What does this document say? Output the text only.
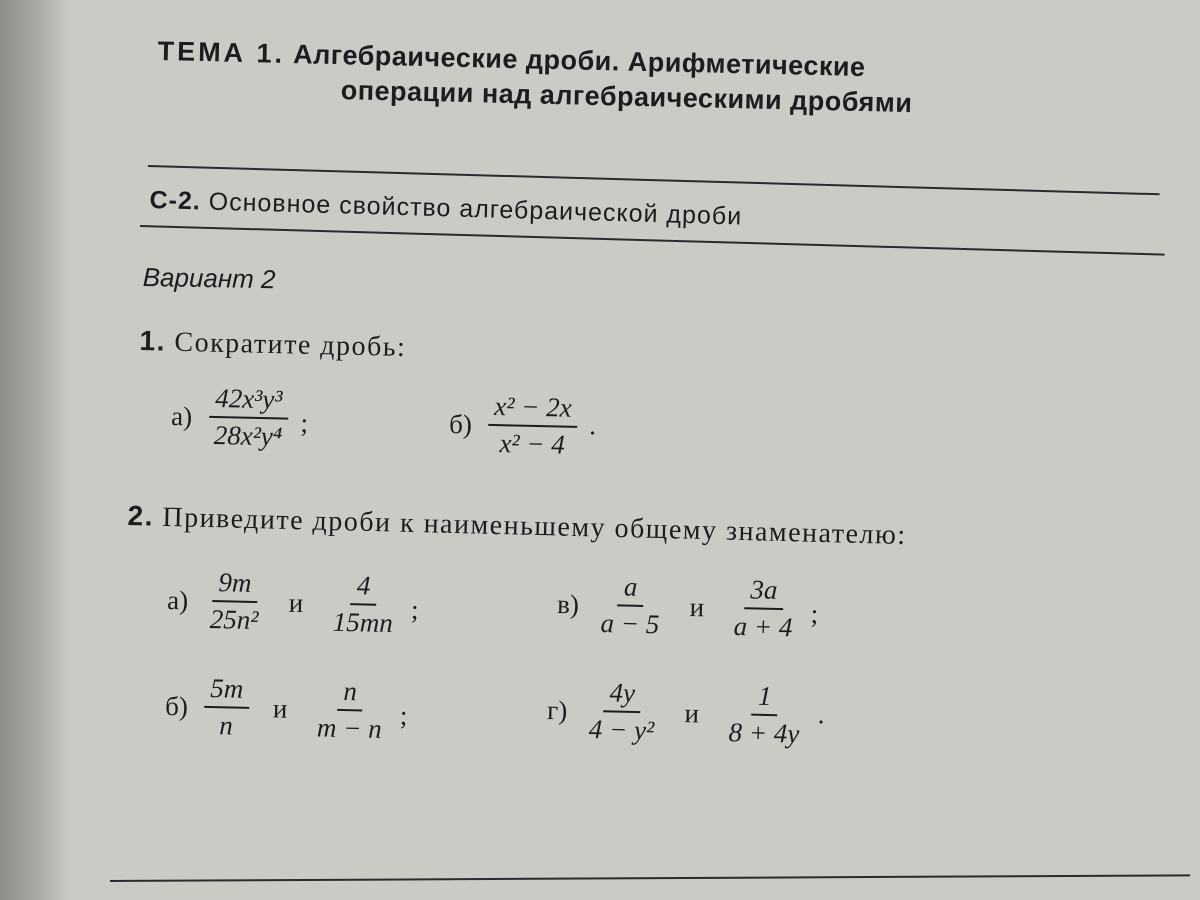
ТЕМА 1. Алгебраические дроби. Арифметические
операции над алгебраическими дробями
С-2. Основное свойство алгебраической дроби
Вариант 2
1. Сократите дробь:
$а) \frac{\text{42x³y³}}{\text{28x²y⁴}}$ ;	$б) \frac{\text{x² − 2x}}{\text{x² − 4}}$ .
2. Приведите дроби к наименьшему общему знаменателю:
$а) \frac{9m}{\text{25n²}}$ и $\frac{4}{15mn}$ ;	$в) \frac{a}{a - 5}$ и $\frac{3a}{a + 4}$ ;
$б) \frac{5m}{n}$ и $\frac{n}{m - n}$ ;	$г) \frac{4y}{\text{4 − y²}}$ и $\frac{1}{8 + 4y}$ .
